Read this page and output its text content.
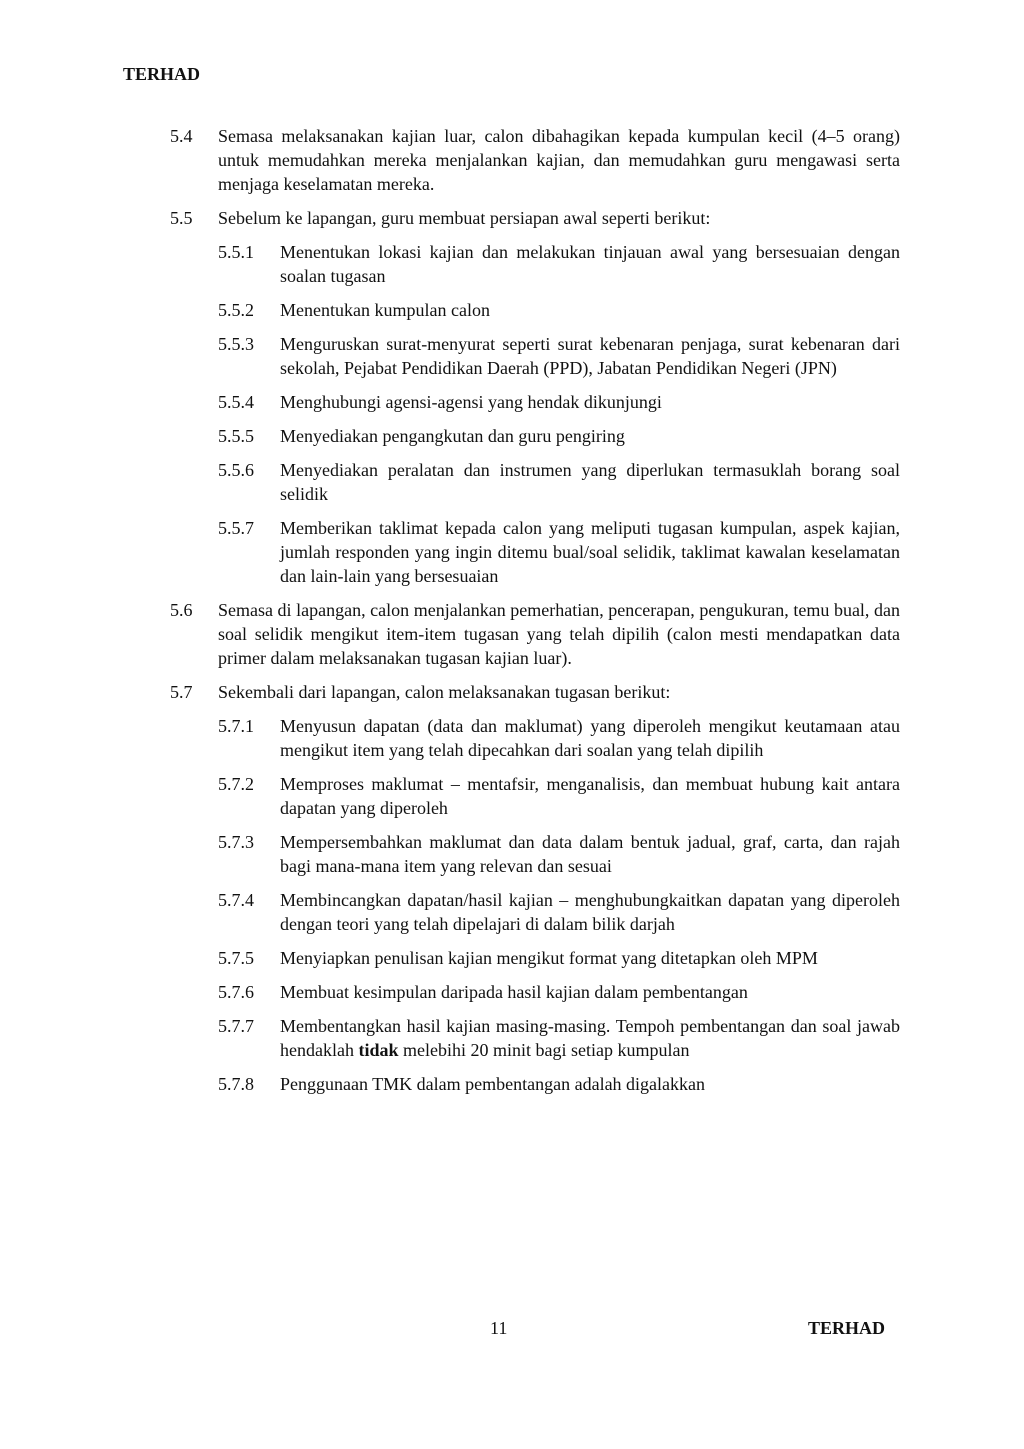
TERHAD
5.4	Semasa melaksanakan kajian luar, calon dibahagikan kepada kumpulan kecil (4–5 orang) untuk memudahkan mereka menjalankan kajian, dan memudahkan guru mengawasi serta menjaga keselamatan mereka.
5.5	Sebelum ke lapangan, guru membuat persiapan awal seperti berikut:
5.5.1	Menentukan lokasi kajian dan melakukan tinjauan awal yang bersesuaian dengan soalan tugasan
5.5.2	Menentukan kumpulan calon
5.5.3	Menguruskan surat-menyurat seperti surat kebenaran penjaga, surat kebenaran dari sekolah, Pejabat Pendidikan Daerah (PPD), Jabatan Pendidikan Negeri (JPN)
5.5.4	Menghubungi agensi-agensi yang hendak dikunjungi
5.5.5	Menyediakan pengangkutan dan guru pengiring
5.5.6	Menyediakan peralatan dan instrumen yang diperlukan termasuklah borang soal selidik
5.5.7	Memberikan taklimat kepada calon yang meliputi tugasan kumpulan, aspek kajian, jumlah responden yang ingin ditemu bual/soal selidik, taklimat kawalan keselamatan dan lain-lain yang bersesuaian
5.6	Semasa di lapangan, calon menjalankan pemerhatian, pencerapan, pengukuran, temu bual, dan soal selidik mengikut item-item tugasan yang telah dipilih (calon mesti mendapatkan data primer dalam melaksanakan tugasan kajian luar).
5.7	Sekembali dari lapangan, calon melaksanakan tugasan berikut:
5.7.1	Menyusun dapatan (data dan maklumat) yang diperoleh mengikut keutamaan atau mengikut item yang telah dipecahkan dari soalan yang telah dipilih
5.7.2	Memproses maklumat – mentafsir, menganalisis, dan membuat hubung kait antara dapatan yang diperoleh
5.7.3	Mempersembahkan maklumat dan data dalam bentuk jadual, graf, carta, dan rajah bagi mana-mana item yang relevan dan sesuai
5.7.4	Membincangkan dapatan/hasil kajian – menghubungkaitkan dapatan yang diperoleh dengan teori yang telah dipelajari di dalam bilik darjah
5.7.5	Menyiapkan penulisan kajian mengikut format yang ditetapkan oleh MPM
5.7.6	Membuat kesimpulan daripada hasil kajian dalam pembentangan
5.7.7	Membentangkan hasil kajian masing-masing. Tempoh pembentangan dan soal jawab hendaklah tidak melebihi 20 minit bagi setiap kumpulan
5.7.8	Penggunaan TMK dalam pembentangan adalah digalakkan
11	TERHAD
